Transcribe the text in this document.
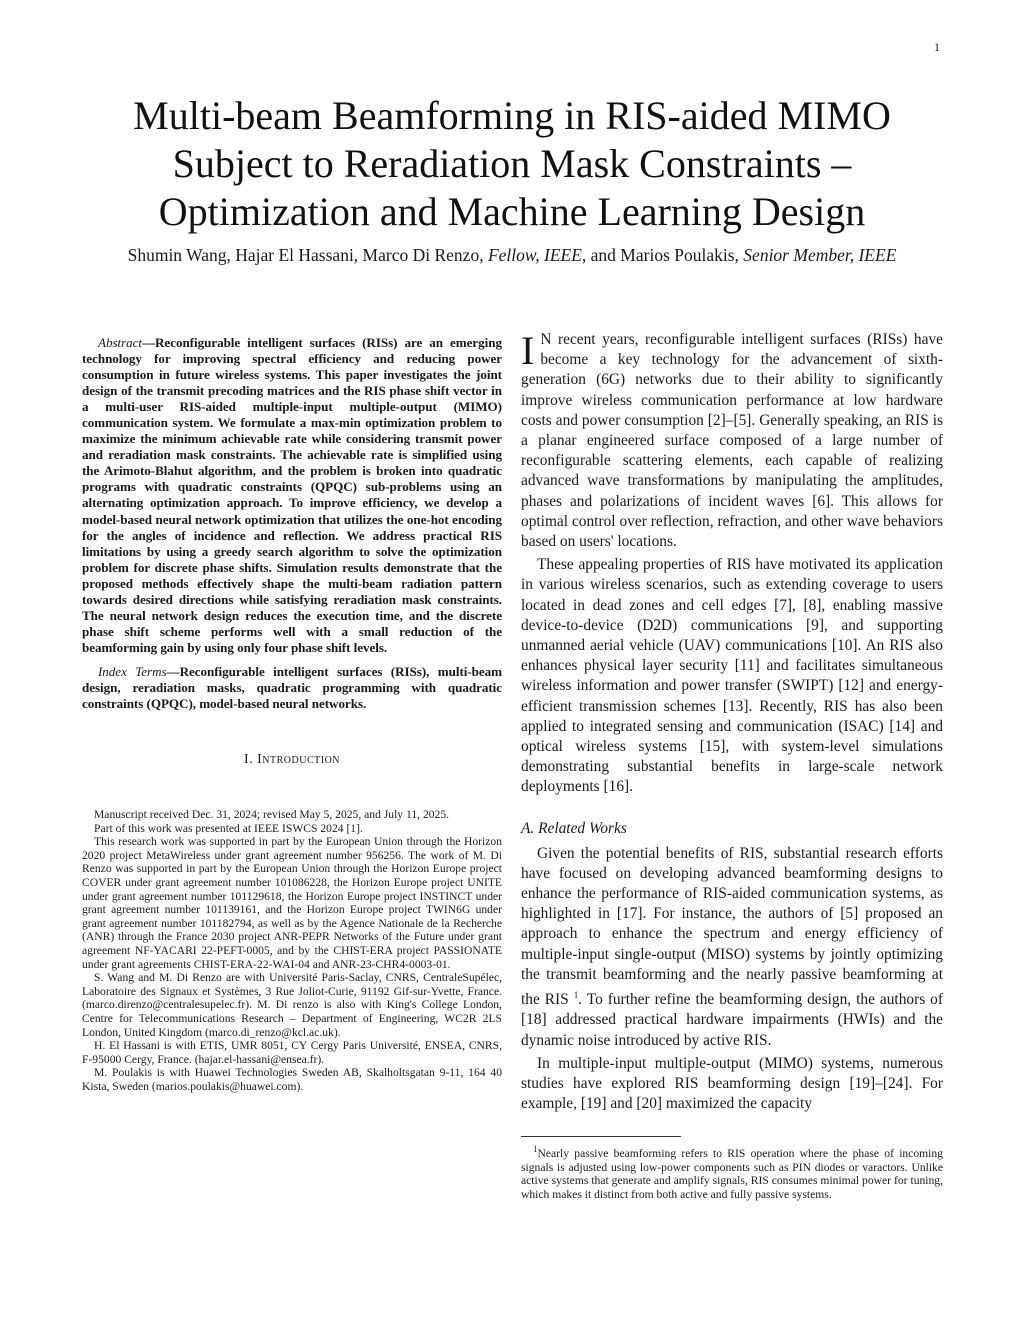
1
Multi-beam Beamforming in RIS-aided MIMO
Subject to Reradiation Mask Constraints –
Optimization and Machine Learning Design
Shumin Wang, Hajar El Hassani, Marco Di Renzo, Fellow, IEEE, and Marios Poulakis, Senior Member, IEEE

Abstract—Reconfigurable intelligent surfaces (RISs) are an emerging technology for improving spectral efficiency and reducing power consumption in future wireless systems. This paper investigates the joint design of the transmit precoding matrices and the RIS phase shift vector in a multi-user RIS-aided multiple-input multiple-output (MIMO) communication system. We formulate a max-min optimization problem to maximize the minimum achievable rate while considering transmit power and reradiation mask constraints. The achievable rate is simplified using the Arimoto-Blahut algorithm, and the problem is broken into quadratic programs with quadratic constraints (QPQC) sub-problems using an alternating optimization approach. To improve efficiency, we develop a model-based neural network optimization that utilizes the one-hot encoding for the angles of incidence and reflection. We address practical RIS limitations by using a greedy search algorithm to solve the optimization problem for discrete phase shifts. Simulation results demonstrate that the proposed methods effectively shape the multi-beam radiation pattern towards desired directions while satisfying reradiation mask constraints. The neural network design reduces the execution time, and the discrete phase shift scheme performs well with a small reduction of the beamforming gain by using only four phase shift levels.

Index Terms—Reconfigurable intelligent surfaces (RISs), multi-beam design, reradiation masks, quadratic programming with quadratic constraints (QPQC), model-based neural networks.

I. Introduction

Manuscript received Dec. 31, 2024; revised May 5, 2025, and July 11, 2025.

Part of this work was presented at IEEE ISWCS 2024 [1].

This research work was supported in part by the European Union through the Horizon 2020 project MetaWireless under grant agreement number 956256. The work of M. Di Renzo was supported in part by the European Union through the Horizon Europe project COVER under grant agreement number 101086228, the Horizon Europe project UNITE under grant agreement number 101129618, the Horizon Europe project INSTINCT under grant agreement number 101139161, and the Horizon Europe project TWIN6G under grant agreement number 101182794, as well as by the Agence Nationale de la Recherche (ANR) through the France 2030 project ANR-PEPR Networks of the Future under grant agreement NF-YACARI 22-PEFT-0005, and by the CHIST-ERA project PASSIONATE under grant agreements CHIST-ERA-22-WAI-04 and ANR-23-CHR4-0003-01.

S. Wang and M. Di Renzo are with Université Paris-Saclay, CNRS, CentraleSupélec, Laboratoire des Signaux et Systèmes, 3 Rue Joliot-Curie, 91192 Gif-sur-Yvette, France. (marco.direnzo@centralesupelec.fr). M. Di renzo is also with King's College London, Centre for Telecommunications Research – Department of Engineering, WC2R 2LS London, United Kingdom (marco.di_renzo@kcl.ac.uk).

H. El Hassani is with ETIS, UMR 8051, CY Cergy Paris Université, ENSEA, CNRS, F-95000 Cergy, France. (hajar.el-hassani@ensea.fr).

M. Poulakis is with Huawei Technologies Sweden AB, Skalholtsgatan 9-11, 164 40 Kista, Sweden (marios.poulakis@huawei.com).

I N recent years, reconfigurable intelligent surfaces (RISs) have become a key technology for the advancement of sixth-generation (6G) networks due to their ability to significantly improve wireless communication performance at low hardware costs and power consumption [2]–[5]. Generally speaking, an RIS is a planar engineered surface composed of a large number of reconfigurable scattering elements, each capable of realizing advanced wave transformations by manipulating the amplitudes, phases and polarizations of incident waves [6]. This allows for optimal control over reflection, refraction, and other wave behaviors based on users' locations.

These appealing properties of RIS have motivated its application in various wireless scenarios, such as extending coverage to users located in dead zones and cell edges [7], [8], enabling massive device-to-device (D2D) communications [9], and supporting unmanned aerial vehicle (UAV) communications [10]. An RIS also enhances physical layer security [11] and facilitates simultaneous wireless information and power transfer (SWIPT) [12] and energy-efficient transmission schemes [13]. Recently, RIS has also been applied to integrated sensing and communication (ISAC) [14] and optical wireless systems [15], with system-level simulations demonstrating substantial benefits in large-scale network deployments [16].

A. Related Works

Given the potential benefits of RIS, substantial research efforts have focused on developing advanced beamforming designs to enhance the performance of RIS-aided communication systems, as highlighted in [17]. For instance, the authors of [5] proposed an approach to enhance the spectrum and energy efficiency of multiple-input single-output (MISO) systems by jointly optimizing the transmit beamforming and the nearly passive beamforming at the RIS $^1$. To further refine the beamforming design, the authors of [18] addressed practical hardware impairments (HWIs) and the dynamic noise introduced by active RIS.

In multiple-input multiple-output (MIMO) systems, numerous studies have explored RIS beamforming design [19]–[24]. For example, [19] and [20] maximized the capacity

$^1$Nearly passive beamforming refers to RIS operation where the phase of incoming signals is adjusted using low-power components such as PIN diodes or varactors. Unlike active systems that generate and amplify signals, RIS consumes minimal power for tuning, which makes it distinct from both active and fully passive systems.
